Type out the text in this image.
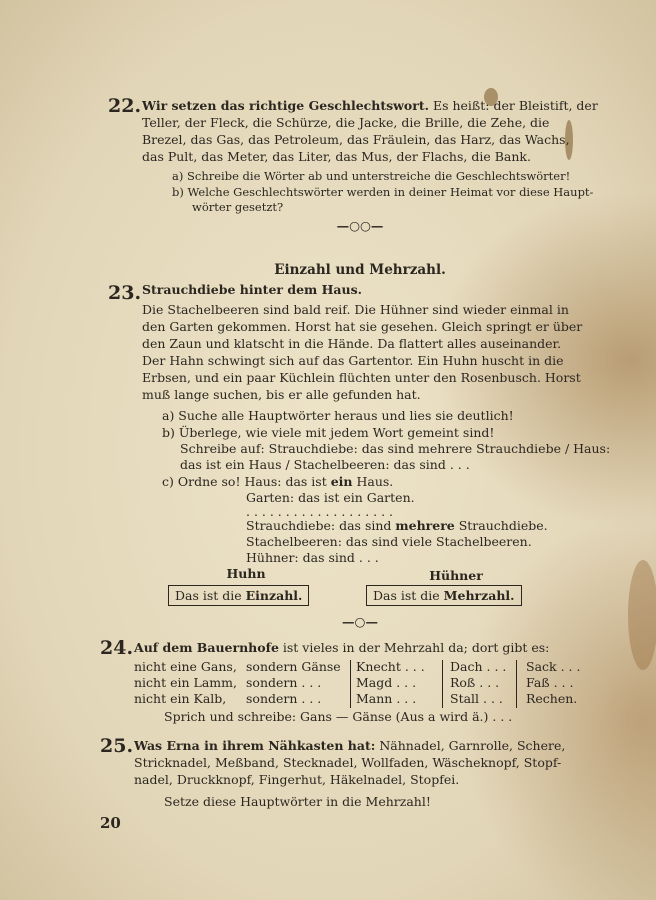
22. Wir setzen das richtige Geschlechtswort. Es heißt: der Bleistift, der
Teller, der Fleck, die Schürze, die Jacke, die Brille, die Zehe, die
Brezel, das Gas, das Petroleum, das Fräulein, das Harz, das Wachs,
das Pult, das Meter, das Liter, das Mus, der Flachs, die Bank.
a) Schreibe die Wörter ab und unterstreiche die Geschlechtswörter!
b) Welche Geschlechtswörter werden in deiner Heimat vor diese Haupt-
wörter gesetzt?
—○○—
Einzahl und Mehrzahl.
23. Strauchdiebe hinter dem Haus.
Die Stachelbeeren sind bald reif. Die Hühner sind wieder einmal in
den Garten gekommen. Horst hat sie gesehen. Gleich springt er über
den Zaun und klatscht in die Hände. Da flattert alles auseinander.
Der Hahn schwingt sich auf das Gartentor. Ein Huhn huscht in die
Erbsen, und ein paar Küchlein flüchten unter den Rosenbusch. Horst
muß lange suchen, bis er alle gefunden hat.
a) Suche alle Hauptwörter heraus und lies sie deutlich!
b) Überlege, wie viele mit jedem Wort gemeint sind!
Schreibe auf: Strauchdiebe: das sind mehrere Strauchdiebe / Haus:
das ist ein Haus / Stachelbeeren: das sind . . .
c) Ordne so! Haus: das ist ein Haus.
Garten: das ist ein Garten.
. . . . . . . . . . . . . . . . . . .
Strauchdiebe: das sind mehrere Strauchdiebe.
Stachelbeeren: das sind viele Stachelbeeren.
Hühner: das sind . . .
Huhn	Hühner
Das ist die Einzahl.	Das ist die Mehrzahl.
—○—
24. Auf dem Bauernhofe ist vieles in der Mehrzahl da; dort gibt es:
nicht eine Gans,
nicht ein Lamm,
nicht ein Kalb,
sondern Gänse
sondern . . .
sondern . . .
Knecht . . .
Magd . . .
Mann . . .
Dach . . .
Roß . . .
Stall . . .
Sack . . .
Faß . . .
Rechen.
Sprich und schreibe: Gans — Gänse (Aus a wird ä.) . . .
25. Was Erna in ihrem Nähkasten hat: Nähnadel, Garnrolle, Schere,
Stricknadel, Meßband, Stecknadel, Wollfaden, Wäscheknopf, Stopf-
nadel, Druckknopf, Fingerhut, Häkelnadel, Stopfei.
Setze diese Hauptwörter in die Mehrzahl!
20
